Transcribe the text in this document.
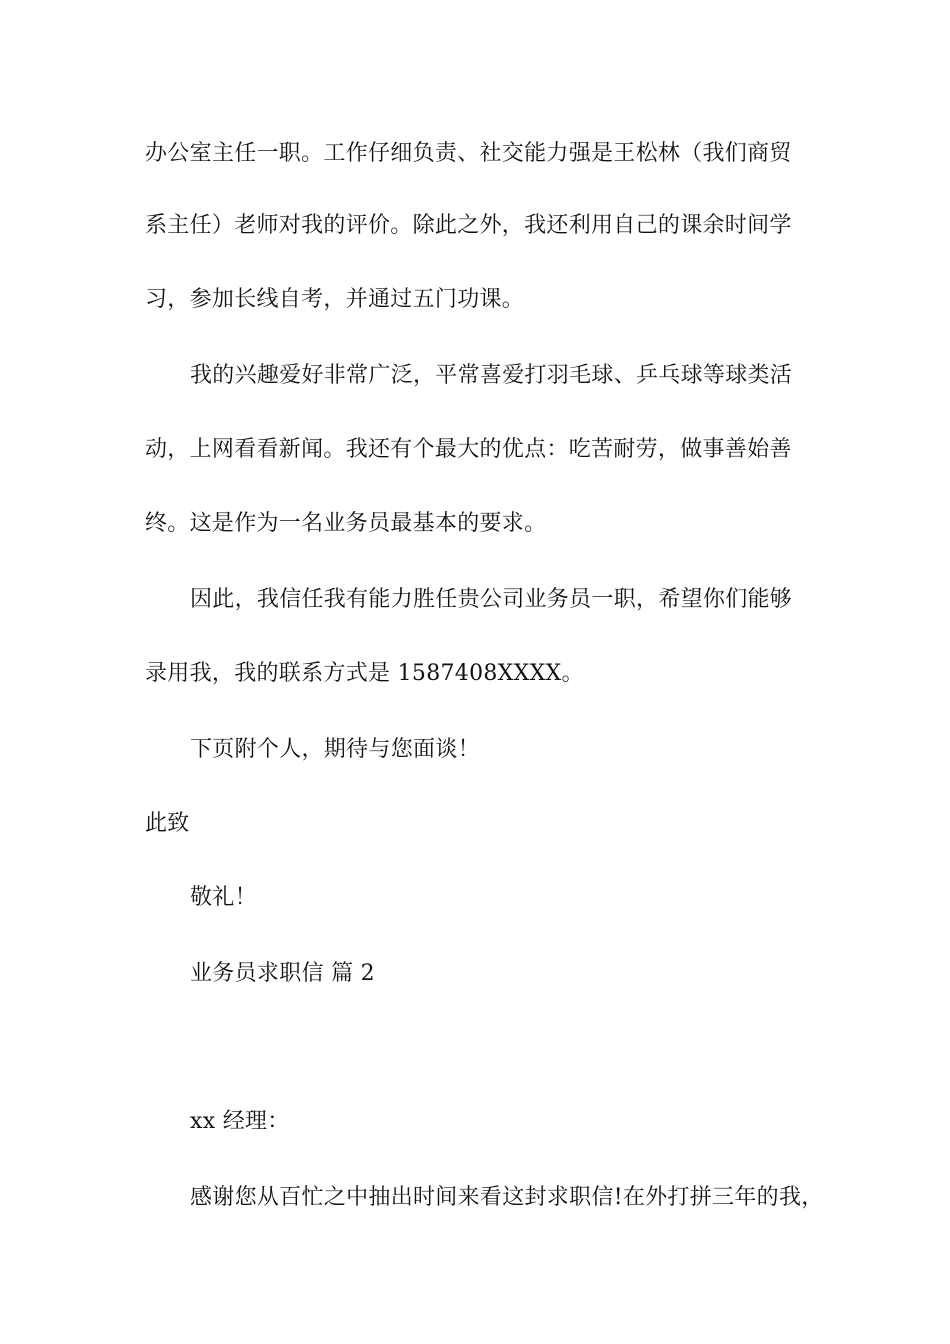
办公室主任一职。工作仔细负责、社交能力强是王松林（我们商贸
系主任）老师对我的评价。除此之外，我还利用自己的课余时间学
习，参加长线自考，并通过五门功课。
我的兴趣爱好非常广泛，平常喜爱打羽毛球、乒乓球等球类活
动，上网看看新闻。我还有个最大的优点：吃苦耐劳，做事善始善
终。这是作为一名业务员最基本的要求。
因此，我信任我有能力胜任贵公司业务员一职，希望你们能够
录用我，我的联系方式是 1587408XXXX。
下页附个人，期待与您面谈！
此致
敬礼！
业务员求职信 篇 2
xx 经理：
感谢您从百忙之中抽出时间来看这封求职信!在外打拼三年的我，
